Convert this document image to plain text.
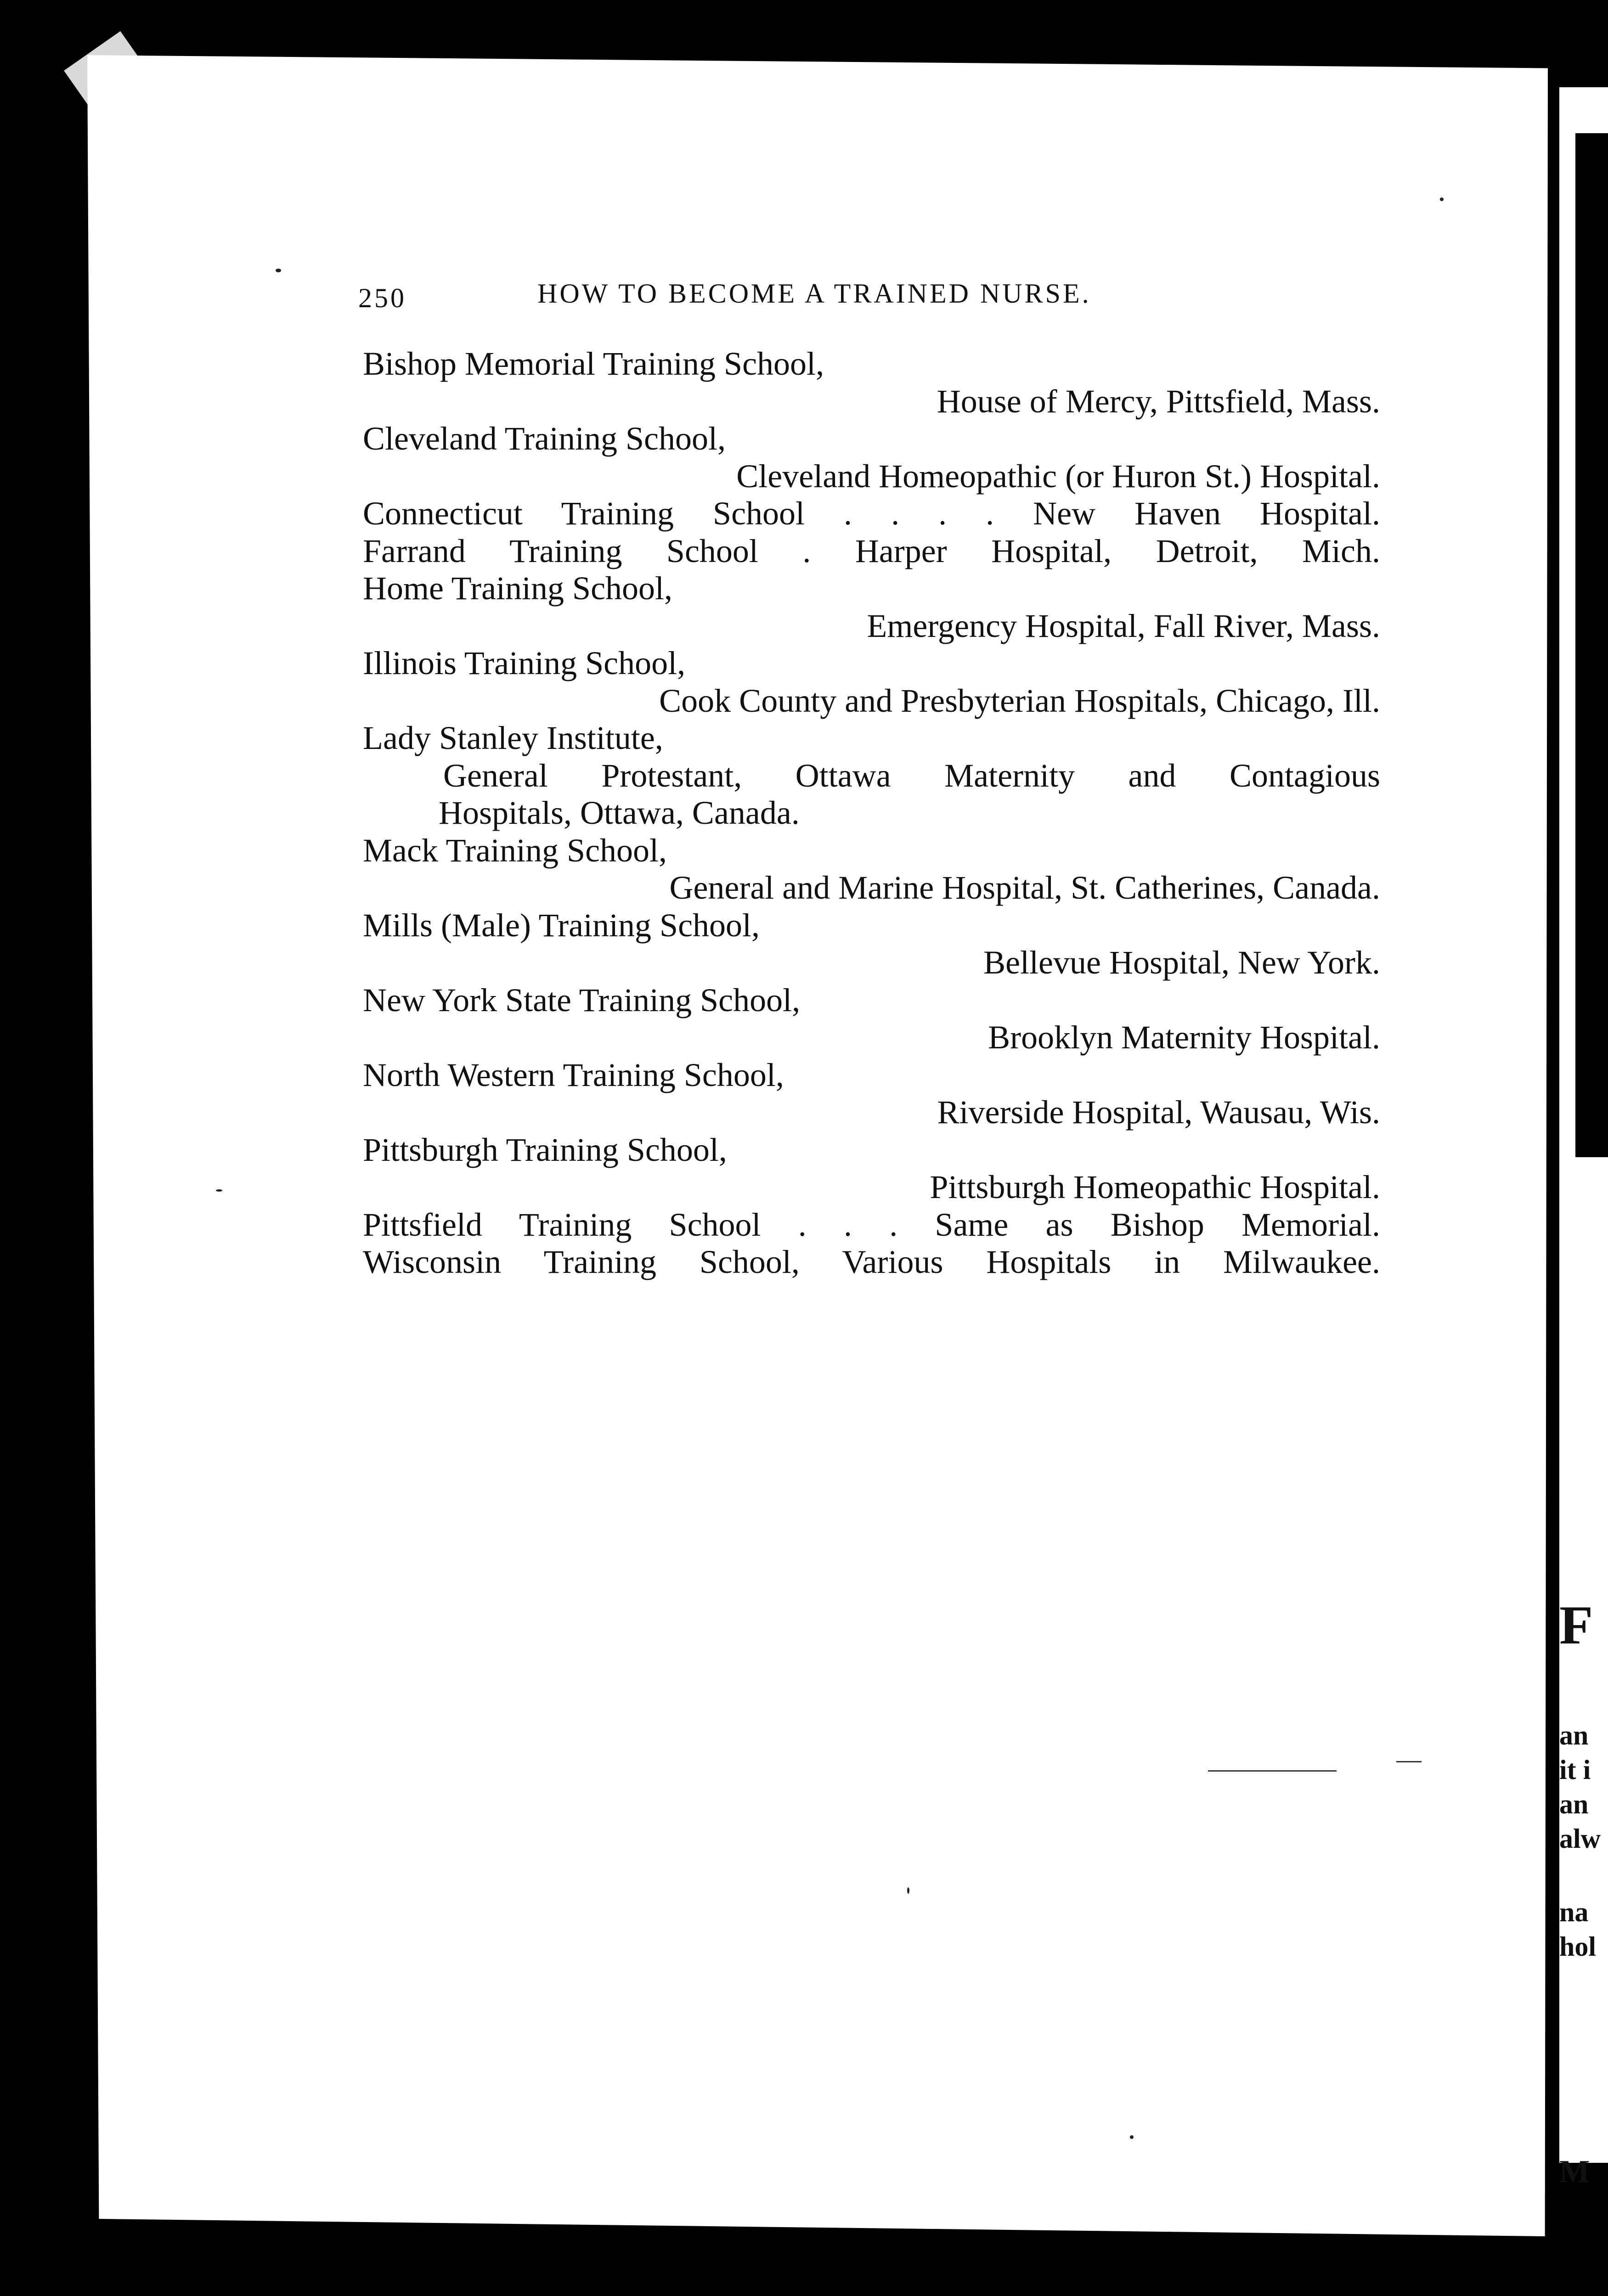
250	HOW TO BECOME A TRAINED NURSE.
Bishop Memorial Training School,
House of Mercy, Pittsfield, Mass.
Cleveland Training School,
Cleveland Homeopathic (or Huron St.) Hospital.
Connecticut Training School . . . . New Haven Hospital.
Farrand Training School . Harper Hospital, Detroit, Mich.
Home Training School,
Emergency Hospital, Fall River, Mass.
Illinois Training School,
Cook County and Presbyterian Hospitals, Chicago, Ill.
Lady Stanley Institute,
General Protestant, Ottawa Maternity and Contagious
Hospitals, Ottawa, Canada.
Mack Training School,
General and Marine Hospital, St. Catherines, Canada.
Mills (Male) Training School,
Bellevue Hospital, New York.
New York State Training School,
Brooklyn Maternity Hospital.
North Western Training School,
Riverside Hospital, Wausau, Wis.
Pittsburgh Training School,
Pittsburgh Homeopathic Hospital.
Pittsfield Training School . . . Same as Bishop Memorial.
Wisconsin Training School, Various Hospitals in Milwaukee.
F
an
it i
an
alw
na
hol
M
